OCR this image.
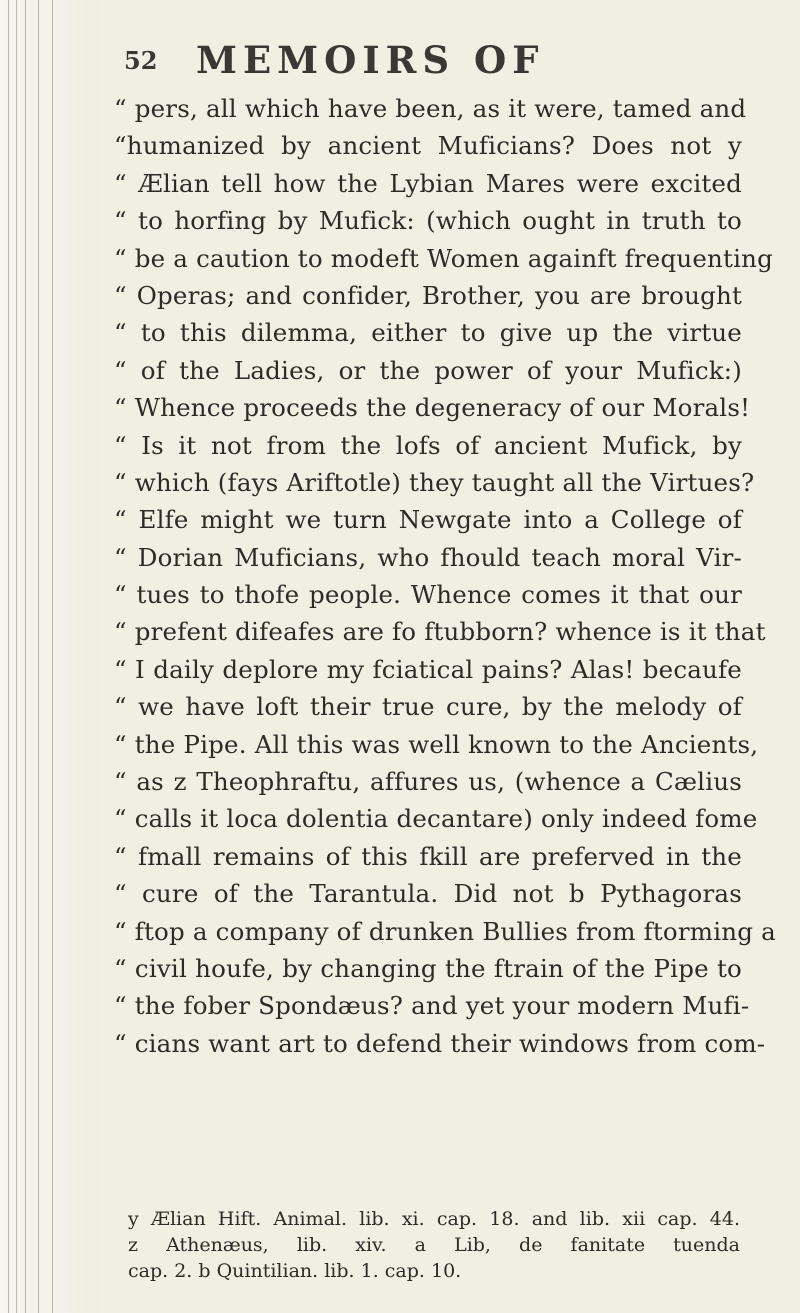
52 MEMOIRS OF
“ pers, all which have been, as it were, tamed and
“humanized by ancient Muficians? Does not y
“ Ælian tell how the Lybian Mares were excited
“ to horfing by Mufick: (which ought in truth to
“ be a caution to modeft Women againft frequenting
“ Operas; and confider, Brother, you are brought
“ to this dilemma, either to give up the virtue
“ of the Ladies, or the power of your Mufick:)
“ Whence proceeds the degeneracy of our Morals!
“ Is it not from the lofs of ancient Mufick, by
“ which (fays Ariftotle) they taught all the Virtues?
“ Elfe might we turn Newgate into a College of
“ Dorian Muficians, who fhould teach moral Vir-
“ tues to thofe people. Whence comes it that our
“ prefent difeafes are fo ftubborn? whence is it that
“ I daily deplore my fciatical pains? Alas! becaufe
“ we have loft their true cure, by the melody of
“ the Pipe. All this was well known to the Ancients,
“ as z Theophraftu, affures us, (whence a Cælius
“ calls it loca dolentia decantare) only indeed fome
“ fmall remains of this fkill are preferved in the
“ cure of the Tarantula. Did not b Pythagoras
“ ftop a company of drunken Bullies from ftorming a
“ civil houfe, by changing the ftrain of the Pipe to
“ the fober Spondæus? and yet your modern Mufi-
“ cians want art to defend their windows from com-
y Ælian Hift. Animal. lib. xi. cap. 18. and lib. xii cap. 44.
z Athenæus, lib. xiv. a Lib, de fanitate tuenda
cap. 2. b Quintilian. lib. 1. cap. 10.
